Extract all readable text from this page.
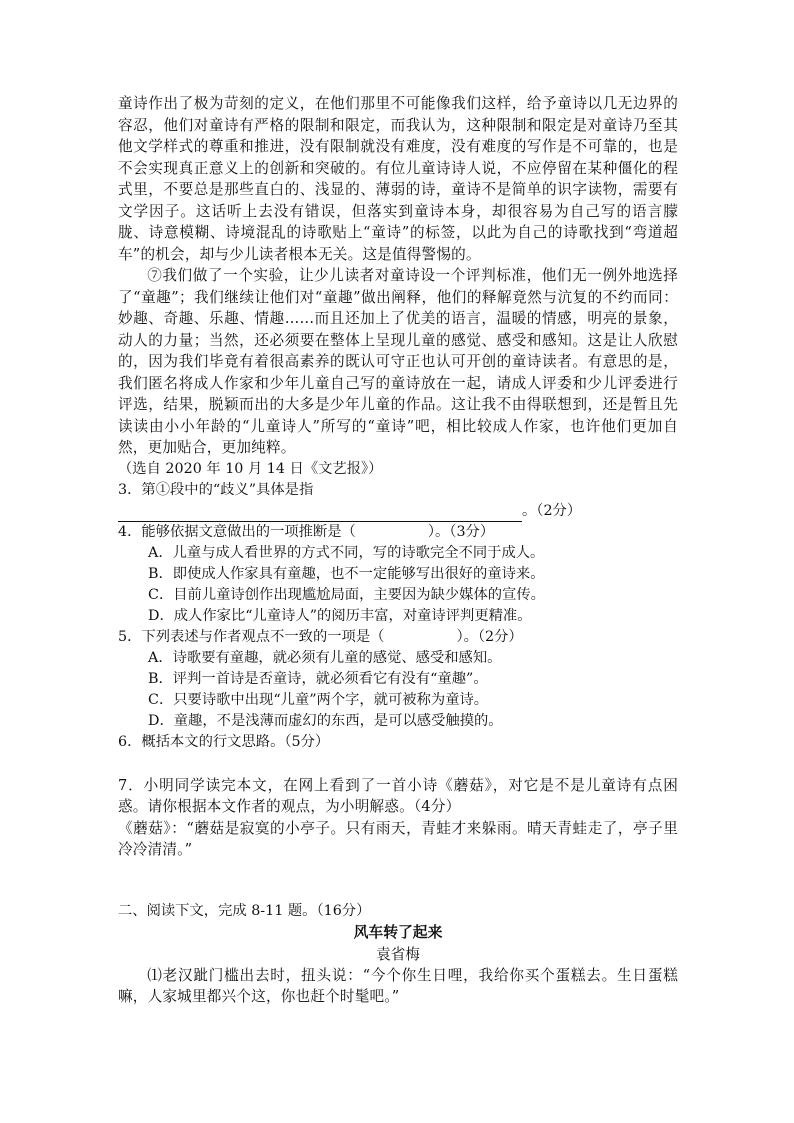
童诗作出了极为苛刻的定义，在他们那里不可能像我们这样，给予童诗以几无边界的容忍，他们对童诗有严格的限制和限定，而我认为，这种限制和限定是对童诗乃至其他文学样式的尊重和推进，没有限制就没有难度，没有难度的写作是不可靠的，也是不会实现真正意义上的创新和突破的。有位儿童诗诗人说，不应停留在某种僵化的程式里，不要总是那些直白的、浅显的、薄弱的诗，童诗不是简单的识字读物，需要有文学因子。这话听上去没有错误，但落实到童诗本身，却很容易为自己写的语言朦胧、诗意模糊、诗境混乱的诗歌贴上“童诗”的标签，以此为自己的诗歌找到“弯道超车”的机会，却与少儿读者根本无关。这是值得警惕的。

⑦我们做了一个实验，让少儿读者对童诗设一个评判标准，他们无一例外地选择了“童趣”；我们继续让他们对“童趣”做出阐释，他们的释解竟然与沆复的不约而同：妙趣、奇趣、乐趣、情趣……而且还加上了优美的语言，温暖的情感，明亮的景象，动人的力量；当然，还必须要在整体上呈现儿童的感觉、感受和感知。这是让人欣慰的，因为我们毕竟有着很高素养的既认可守正也认可开创的童诗读者。有意思的是，我们匿名将成人作家和少年儿童自己写的童诗放在一起，请成人评委和少儿评委进行评选，结果，脱颖而出的大多是少年儿童的作品。这让我不由得联想到，还是暂且先读读由小小年龄的“儿童诗人”所写的“童诗”吧，相比较成人作家，也许他们更加自然，更加贴合，更加纯粹。

（选自 2020 年 10 月 14 日《文艺报》）

3．第①段中的“歧义”具体是指

。（2分）

4．能够依据文意做出的一项推断是（	）。（3分）

A．儿童与成人看世界的方式不同，写的诗歌完全不同于成人。

B．即使成人作家具有童趣，也不一定能够写出很好的童诗来。

C．目前儿童诗创作出现尴尬局面，主要因为缺少媒体的宣传。

D．成人作家比“儿童诗人”的阅历丰富，对童诗评判更精准。

5．下列表述与作者观点不一致的一项是（	）。（2分）

A．诗歌要有童趣，就必须有儿童的感觉、感受和感知。

B．评判一首诗是否童诗，就必须看它有没有“童趣”。

C．只要诗歌中出现“儿童”两个字，就可被称为童诗。

D．童趣，不是浅薄而虚幻的东西，是可以感受触摸的。

6．概括本文的行文思路。（5分）

7．小明同学读完本文，在网上看到了一首小诗《蘑菇》，对它是不是儿童诗有点困惑。请你根据本文作者的观点，为小明解惑。（4分）

《蘑菇》：“蘑菇是寂寞的小亭子。只有雨天，青蛙才来躲雨。晴天青蛙走了，亭子里冷冷清清。”

二、阅读下文，完成 8-11 题。（16分）

风车转了起来

袁省梅

⑴老汉跐门槛出去时，扭头说：“今个你生日哩，我给你买个蛋糕去。生日蛋糕嘛，人家城里都兴个这，你也赶个时髦吧。”
